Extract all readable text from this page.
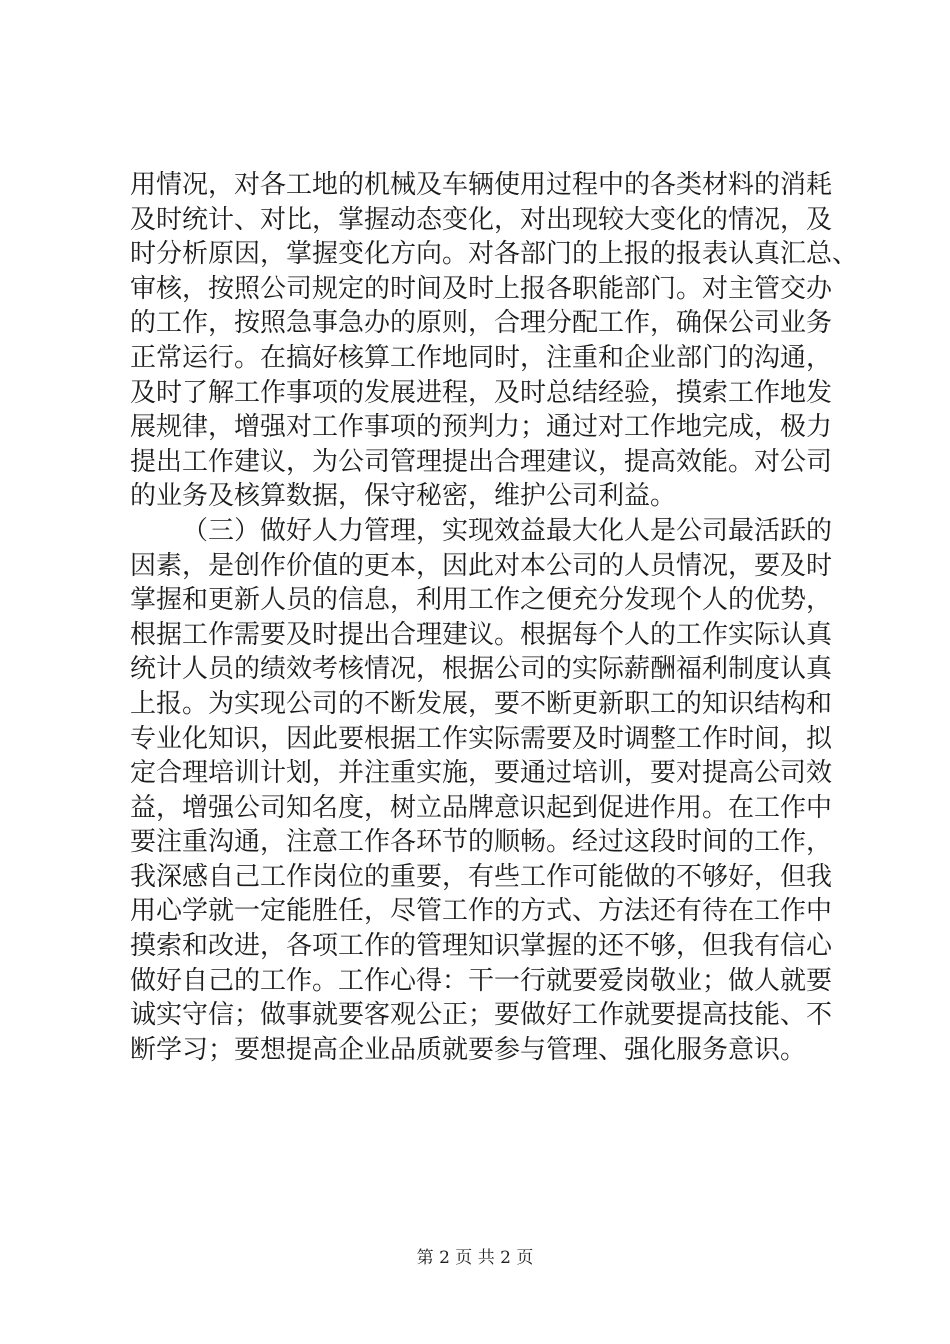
用情况，对各工地的机械及车辆使用过程中的各类材料的消耗
及时统计、对比，掌握动态变化，对出现较大变化的情况，及
时分析原因，掌握变化方向。对各部门的上报的报表认真汇总、
审核，按照公司规定的时间及时上报各职能部门。对主管交办
的工作，按照急事急办的原则，合理分配工作，确保公司业务
正常运行。在搞好核算工作地同时，注重和企业部门的沟通，
及时了解工作事项的发展进程，及时总结经验，摸索工作地发
展规律，增强对工作事项的预判力；通过对工作地完成，极力
提出工作建议，为公司管理提出合理建议，提高效能。对公司
的业务及核算数据，保守秘密，维护公司利益。
（三）做好人力管理，实现效益最大化人是公司最活跃的
因素，是创作价值的更本，因此对本公司的人员情况，要及时
掌握和更新人员的信息，利用工作之便充分发现个人的优势，
根据工作需要及时提出合理建议。根据每个人的工作实际认真
统计人员的绩效考核情况，根据公司的实际薪酬福利制度认真
上报。为实现公司的不断发展，要不断更新职工的知识结构和
专业化知识，因此要根据工作实际需要及时调整工作时间，拟
定合理培训计划，并注重实施，要通过培训，要对提高公司效
益，增强公司知名度，树立品牌意识起到促进作用。在工作中
要注重沟通，注意工作各环节的顺畅。经过这段时间的工作，
我深感自己工作岗位的重要，有些工作可能做的不够好，但我
用心学就一定能胜任，尽管工作的方式、方法还有待在工作中
摸索和改进，各项工作的管理知识掌握的还不够，但我有信心
做好自己的工作。工作心得：干一行就要爱岗敬业；做人就要
诚实守信；做事就要客观公正；要做好工作就要提高技能、不
断学习；要想提高企业品质就要参与管理、强化服务意识。
第 2 页 共 2 页
